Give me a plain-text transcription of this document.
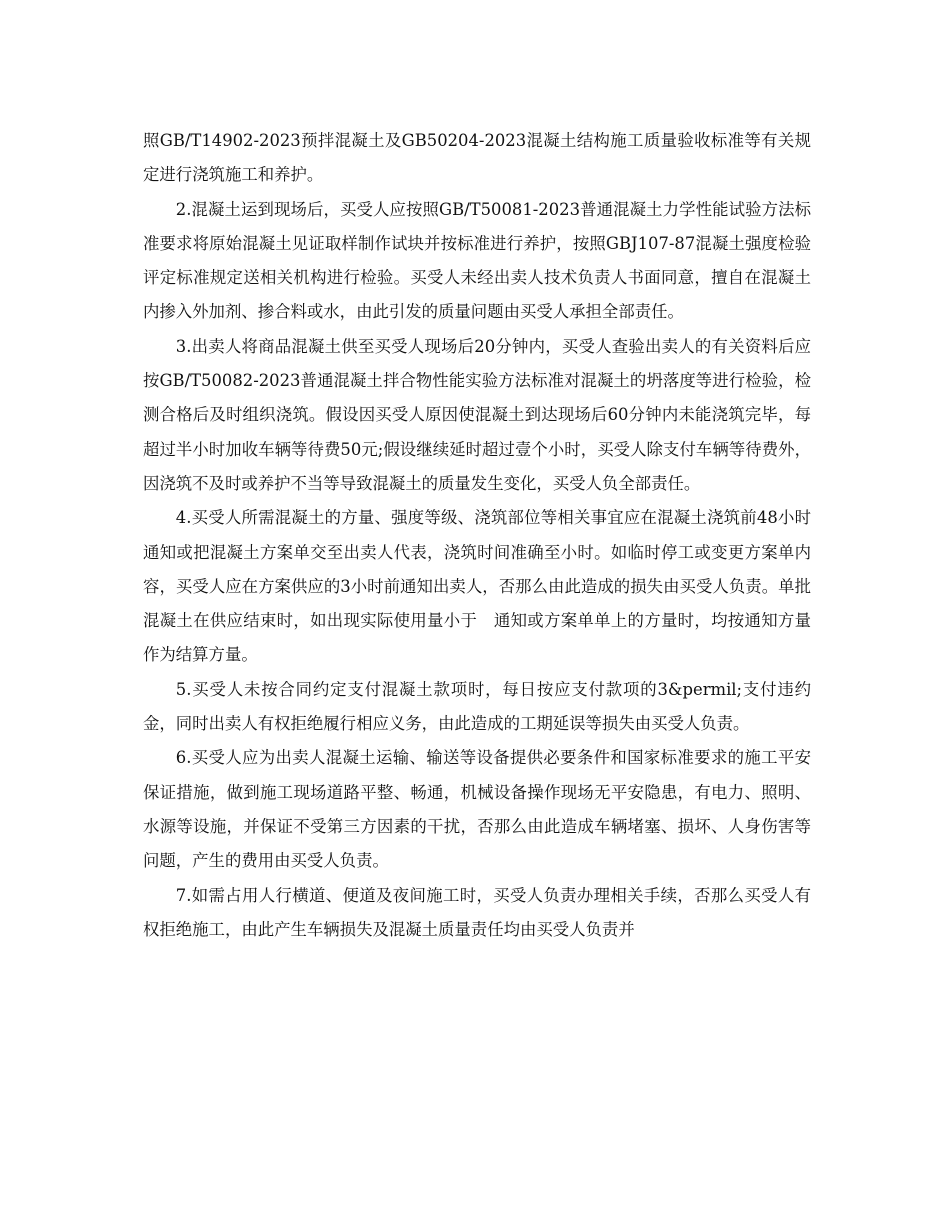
照GB/T14902-2023预拌混凝土及GB50204-2023混凝土结构施工质量验收标准等有关规定进行浇筑施工和养护。

2.混凝土运到现场后，买受人应按照GB/T50081-2023普通混凝土力学性能试验方法标准要求将原始混凝土见证取样制作试块并按标准进行养护，按照GBJ107-87混凝土强度检验评定标准规定送相关机构进行检验。买受人未经出卖人技术负责人书面同意，擅自在混凝土内掺入外加剂、掺合料或水，由此引发的质量问题由买受人承担全部责任。

3.出卖人将商品混凝土供至买受人现场后20分钟内，买受人查验出卖人的有关资料后应按GB/T50082-2023普通混凝土拌合物性能实验方法标准对混凝土的坍落度等进行检验，检测合格后及时组织浇筑。假设因买受人原因使混凝土到达现场后60分钟内未能浇筑完毕，每超过半小时加收车辆等待费50元;假设继续延时超过壹个小时，买受人除支付车辆等待费外，因浇筑不及时或养护不当等导致混凝土的质量发生变化，买受人负全部责任。

4.买受人所需混凝土的方量、强度等级、浇筑部位等相关事宜应在混凝土浇筑前48小时　通知或把混凝土方案单交至出卖人代表，浇筑时间准确至小时。如临时停工或变更方案单内容，买受人应在方案供应的3小时前通知出卖人，否那么由此造成的损失由买受人负责。单批混凝土在供应结束时，如出现实际使用量小于　通知或方案单单上的方量时，均按通知方量作为结算方量。

5.买受人未按合同约定支付混凝土款项时，每日按应支付款项的3&permil;支付违约金，同时出卖人有权拒绝履行相应义务，由此造成的工期延误等损失由买受人负责。

6.买受人应为出卖人混凝土运输、输送等设备提供必要条件和国家标准要求的施工平安保证措施，做到施工现场道路平整、畅通，机械设备操作现场无平安隐患，有电力、照明、水源等设施，并保证不受第三方因素的干扰，否那么由此造成车辆堵塞、损坏、人身伤害等问题，产生的费用由买受人负责。

7.如需占用人行横道、便道及夜间施工时，买受人负责办理相关手续，否那么买受人有权拒绝施工，由此产生车辆损失及混凝土质量责任均由买受人负责并
